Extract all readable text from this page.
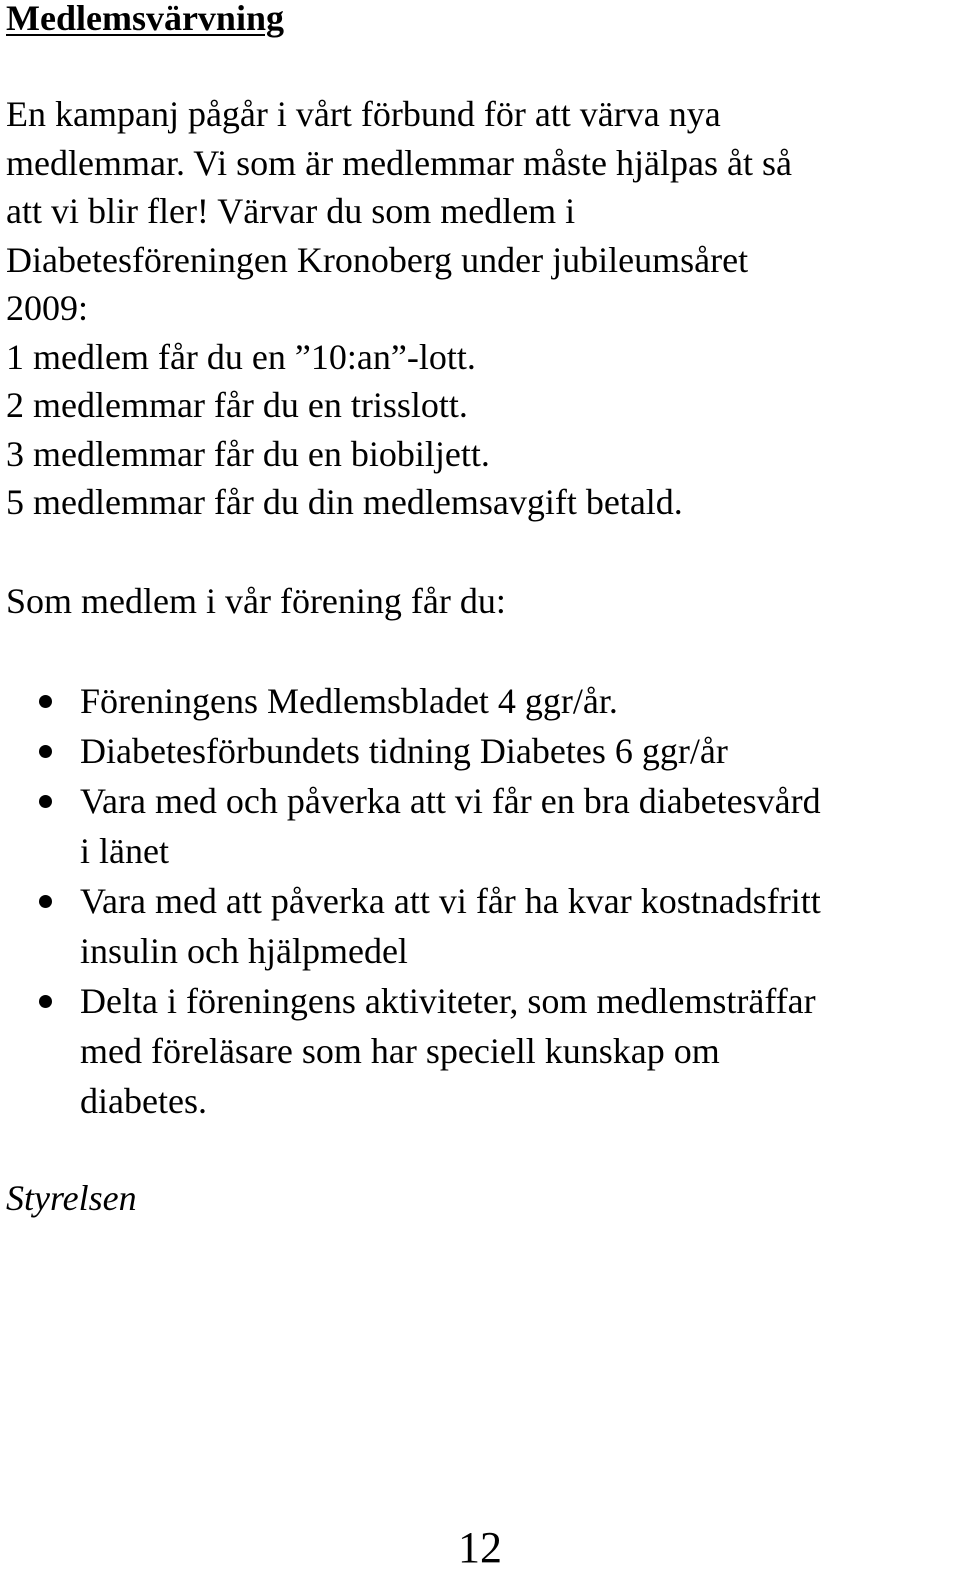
Medlemsvärvning
En kampanj pågår i vårt förbund för att värva nya
medlemmar. Vi som är medlemmar måste hjälpas åt så
att vi blir fler! Värvar du som medlem i
Diabetesföreningen Kronoberg under jubileumsåret
2009:
1 medlem får du en ”10:an”-lott.
2 medlemmar får du en trisslott.
3 medlemmar får du en biobiljett.
5 medlemmar får du din medlemsavgift betald.

Som medlem i vår förening får du:

Föreningens Medlemsbladet 4 ggr/år.
Diabetesförbundets tidning Diabetes 6 ggr/år
Vara med och påverka att vi får en bra diabetesvård
i länet
Vara med att påverka att vi får ha kvar kostnadsfritt
insulin och hjälpmedel
Delta i föreningens aktiviteter, som medlemsträffar
med föreläsare som har speciell kunskap om
diabetes.

Styrelsen

12
